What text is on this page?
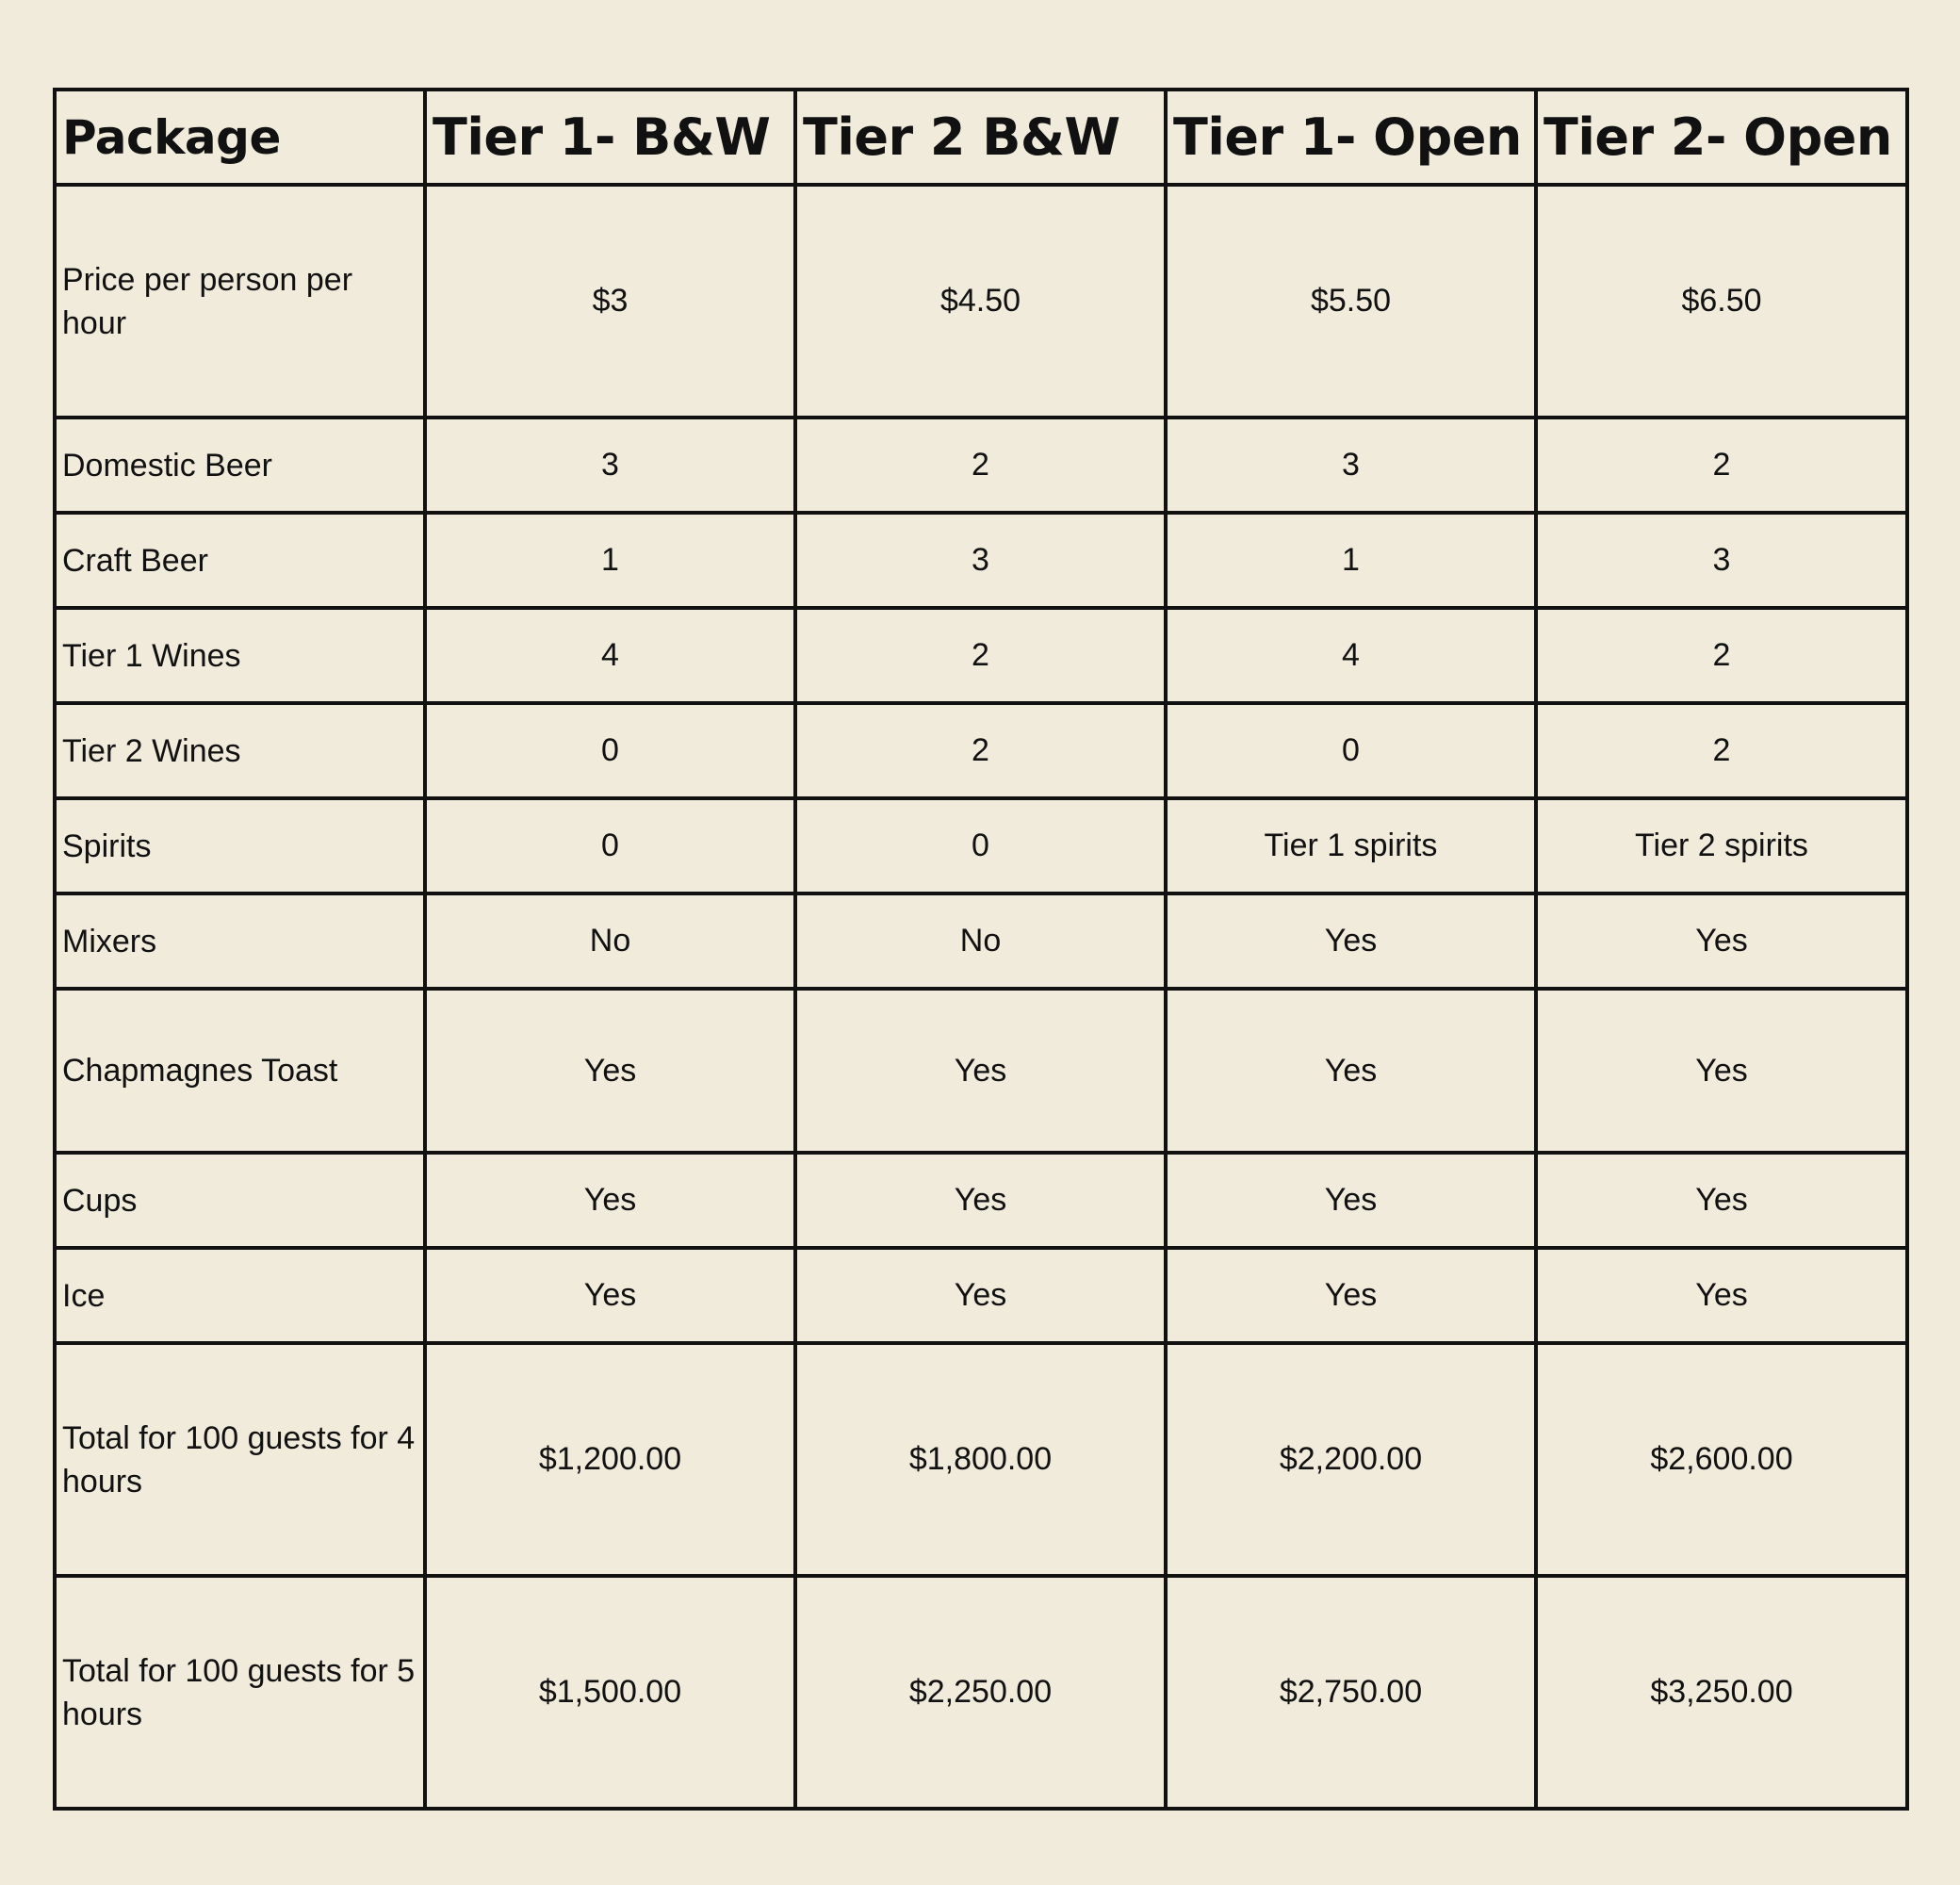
Package	Tier 1- B&W	Tier 2 B&W	Tier 1- Open	Tier 2- Open
Price per person per hour	$3	$4.50	$5.50	$6.50
Domestic Beer	3	2	3	2
Craft Beer	1	3	1	3
Tier 1 Wines	4	2	4	2
Tier 2 Wines	0	2	0	2
Spirits	0	0	Tier 1 spirits	Tier 2 spirits
Mixers	No	No	Yes	Yes
Chapmagnes Toast	Yes	Yes	Yes	Yes
Cups	Yes	Yes	Yes	Yes
Ice	Yes	Yes	Yes	Yes
Total for 100 guests for 4 hours	$1,200.00	$1,800.00	$2,200.00	$2,600.00
Total for 100 guests for 5 hours	$1,500.00	$2,250.00	$2,750.00	$3,250.00
